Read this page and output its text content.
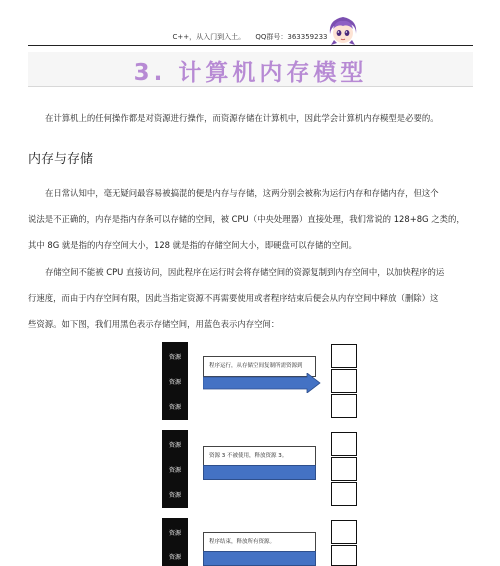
C++，从入门到入土。 QQ群号：363359233
3. 计算机内存模型
在计算机上的任何操作都是对资源进行操作，而资源存储在计算机中，因此学会计算机内存模型是必要的。
内存与存储
在日常认知中，毫无疑问最容易被搞混的便是内存与存储，这两分别会被称为运行内存和存储内存，但这个
说法是不正确的，内存是指内存条可以存储的空间，被 CPU（中央处理器）直接处理，我们常说的 128+8G 之类的，
其中 8G 就是指的内存空间大小，128 就是指的存储空间大小，即硬盘可以存储的空间。
存储空间不能被 CPU 直接访问，因此程序在运行时会将存储空间的资源复制到内存空间中，以加快程序的运
行速度，而由于内存空间有限，因此当指定资源不再需要使用或者程序结束后便会从内存空间中释放（删除）这
些资源。如下图，我们用黑色表示存储空间，用蓝色表示内存空间：
资源
资源
资源
程序运行，从存储空间复制所需资源到
资源
资源
资源
资源 3 不被使用，释放资源 3。
资源
资源
程序结束，释放所有资源。
